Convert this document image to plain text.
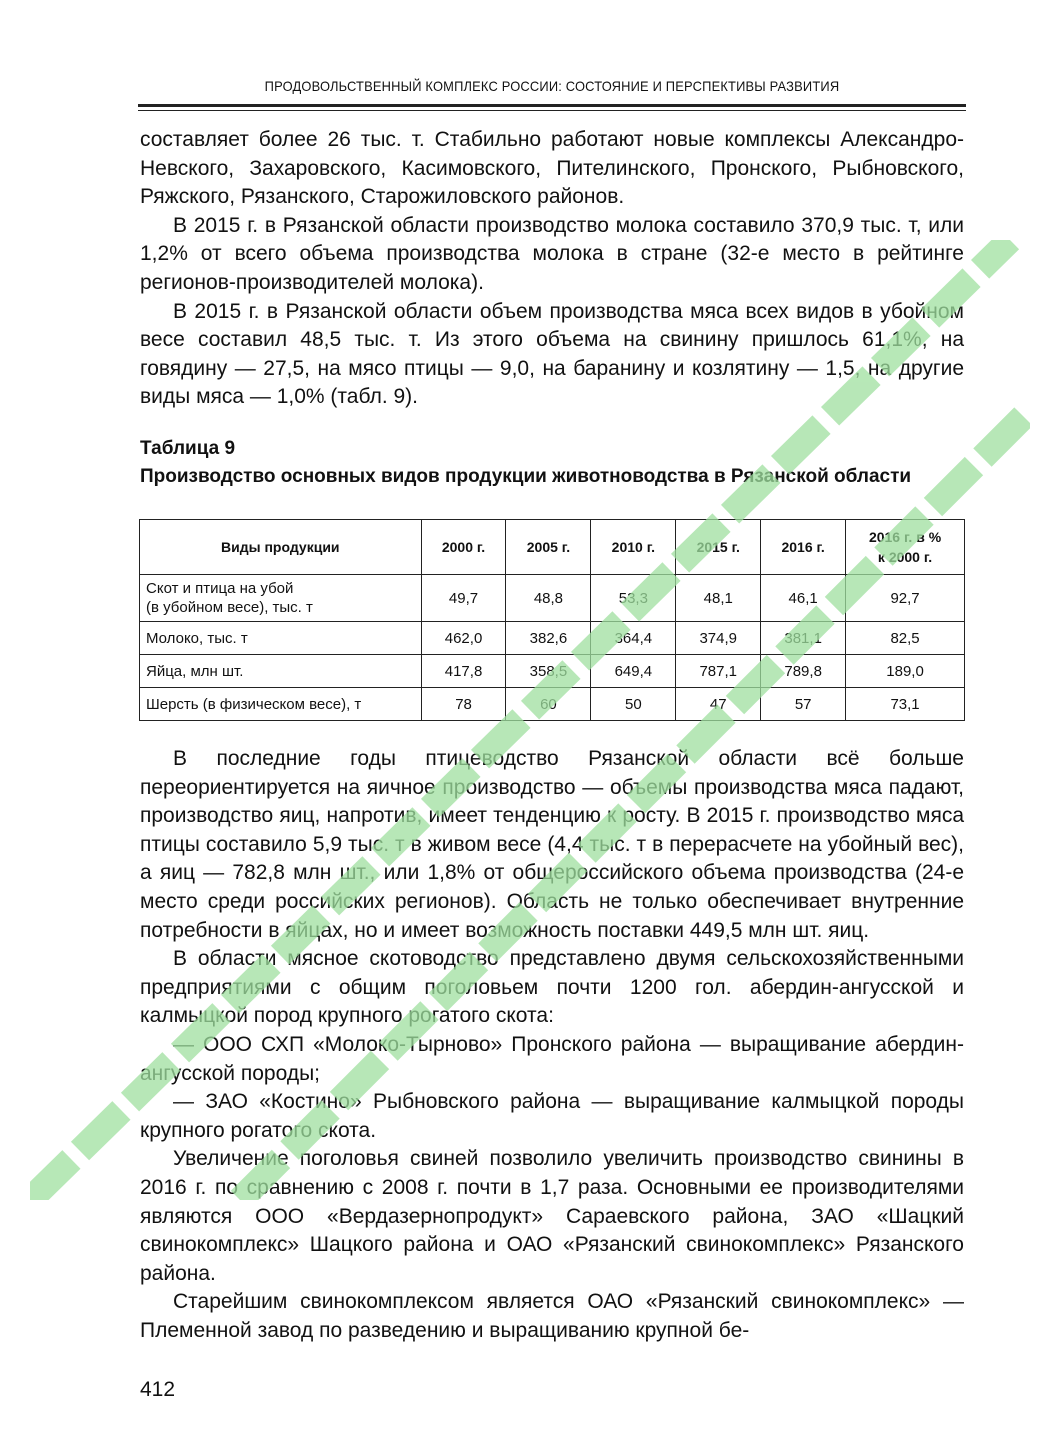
ПРОДОВОЛЬСТВЕННЫЙ КОМПЛЕКС РОССИИ: СОСТОЯНИЕ И ПЕРСПЕКТИВЫ РАЗВИТИЯ

составляет более 26 тыс. т. Стабильно работают новые комплексы Александро-Невского, Захаровского, Касимовского, Пителинского, Пронского, Рыбновского, Ряжского, Рязанского, Старожиловского районов.

В 2015 г. в Рязанской области производство молока составило 370,9 тыс. т, или 1,2% от всего объема производства молока в стране (32-е место в рейтинге регионов-производителей молока).

В 2015 г. в Рязанской области объем производства мяса всех видов в убойном весе составил 48,5 тыс. т. Из этого объема на свинину пришлось 61,1%, на говядину — 27,5, на мясо птицы — 9,0, на баранину и козлятину — 1,5, на другие виды мяса — 1,0% (табл. 9).

Таблица 9
Производство основных видов продукции животноводства в Рязанской области
Виды продукции	2000 г.	2005 г.	2010 г.	2015 г.	2016 г.	2016 г. в %
к 2000 г.
Скот и птица на убой
(в убойном весе), тыс. т	49,7	48,8	53,3	48,1	46,1	92,7
Молоко, тыс. т	462,0	382,6	364,4	374,9	381,1	82,5
Яйца, млн шт.	417,8	358,5	649,4	787,1	789,8	189,0
Шерсть (в физическом весе), т	78	60	50	47	57	73,1

В последние годы птицеводство Рязанской области всё больше переориентируется на яичное производство — объемы производства мяса падают, производство яиц, напротив, имеет тенденцию к росту. В 2015 г. производство мяса птицы составило 5,9 тыс. т в живом весе (4,4 тыс. т в перерасчете на убойный вес), а яиц — 782,8 млн шт., или 1,8% от общероссийского объема производства (24-е место среди российских регионов). Область не только обеспечивает внутренние потребности в яйцах, но и имеет возможность поставки 449,5 млн шт. яиц.

В области мясное скотоводство представлено двумя сельскохозяйственными предприятиями с общим поголовьем почти 1200 гол. абердин-ангусской и калмыцкой пород крупного рогатого скота:

— ООО СХП «Молоко-Тырново» Пронского района — выращивание абердин-ангусской породы;

— ЗАО «Костино» Рыбновского района — выращивание калмыцкой породы крупного рогатого скота.

Увеличение поголовья свиней позволило увеличить производство свинины в 2016 г. по сравнению с 2008 г. почти в 1,7 раза. Основными ее производителями являются ООО «Вердазернопродукт» Сараевского района, ЗАО «Шацкий свинокомплекс» Шацкого района и ОАО «Рязанский свинокомплекс» Рязанского района.

Старейшим свинокомплексом является ОАО «Рязанский свинокомплекс» — Племенной завод по разведению и выращиванию крупной бе-

412
